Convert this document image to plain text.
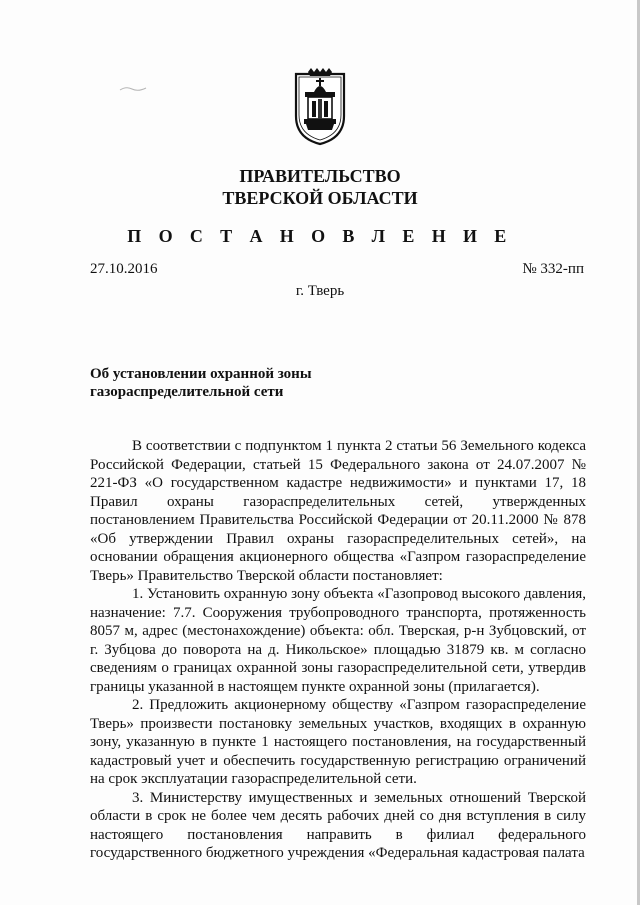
ПРАВИТЕЛЬСТВО
ТВЕРСКОЙ ОБЛАСТИ
П О С Т А Н О В Л Е Н И Е
27.10.2016	№ 332-пп
г. Тверь
Об установлении охранной зоны
газораспределительной сети

В соответствии с подпунктом 1 пункта 2 статьи 56 Земельного кодекса Российской Федерации, статьей 15 Федерального закона от 24.07.2007 № 221-ФЗ «О государственном кадастре недвижимости» и пунктами 17, 18 Правил охраны газораспределительных сетей, утвержденных постановлением Правительства Российской Федерации от 20.11.2000 № 878 «Об утверждении Правил охраны газораспределительных сетей», на основании обращения акционерного общества «Газпром газораспределение Тверь» Правительство Тверской области постановляет:

1. Установить охранную зону объекта «Газопровод высокого давления, назначение: 7.7. Сооружения трубопроводного транспорта, протяженность 8057 м, адрес (местонахождение) объекта: обл. Тверская, р-н Зубцовский, от г. Зубцова до поворота на д. Никольское» площадью 31879 кв. м согласно сведениям о границах охранной зоны газораспределительной сети, утвердив границы указанной в настоящем пункте охранной зоны (прилагается).

2. Предложить акционерному обществу «Газпром газораспределение Тверь» произвести постановку земельных участков, входящих в охранную зону, указанную в пункте 1 настоящего постановления, на государственный кадастровый учет и обеспечить государственную регистрацию ограничений на срок эксплуатации газораспределительной сети.

3. Министерству имущественных и земельных отношений Тверской области в срок не более чем десять рабочих дней со дня вступления в силу настоящего постановления направить в филиал федерального государственного бюджетного учреждения «Федеральная кадастровая палата
